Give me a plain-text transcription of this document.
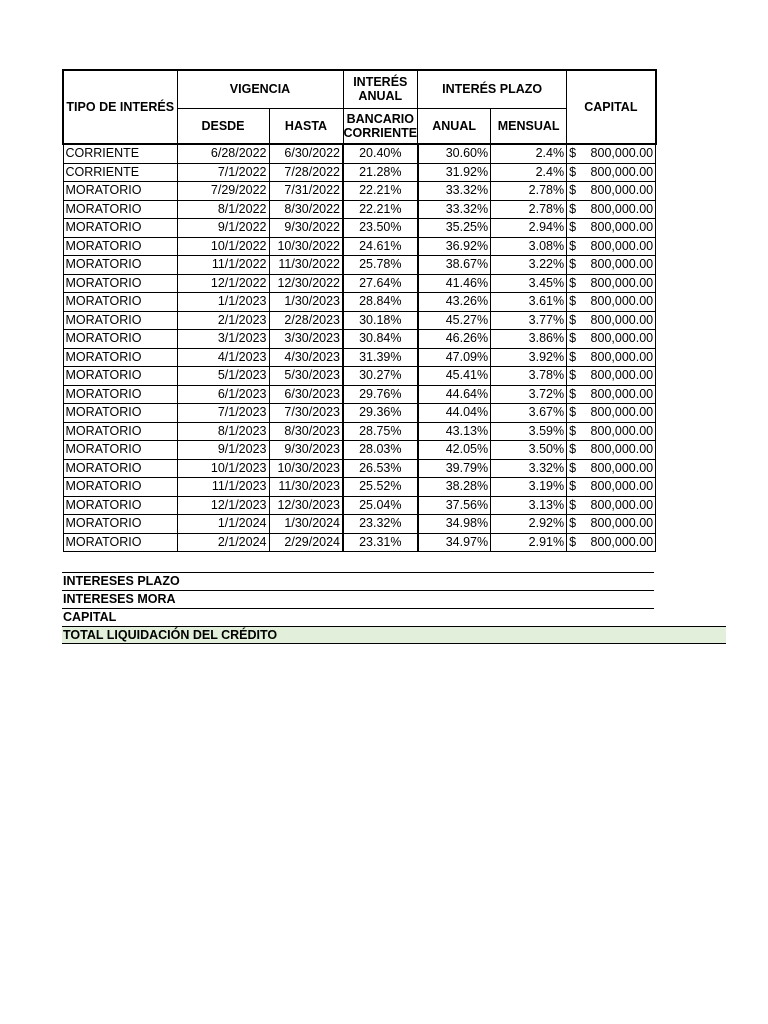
TIPO DE INTERÉS	VIGENCIA		INTERÉS ANUAL	INTERÉS PLAZO		CAPITAL
	DESDE	HASTA	BANCARIO CORRIENTE	ANUAL	MENSUAL	
CORRIENTE	6/28/2022	6/30/2022	20.40%	30.60%	2.4%	$ 800,000.00

CORRIENTE	7/1/2022	7/28/2022	21.28%	31.92%	2.4%	$ 800,000.00

MORATORIO	7/29/2022	7/31/2022	22.21%	33.32%	2.78%	$ 800,000.00

MORATORIO	8/1/2022	8/30/2022	22.21%	33.32%	2.78%	$ 800,000.00

MORATORIO	9/1/2022	9/30/2022	23.50%	35.25%	2.94%	$ 800,000.00

MORATORIO	10/1/2022	10/30/2022	24.61%	36.92%	3.08%	$ 800,000.00

MORATORIO	11/1/2022	11/30/2022	25.78%	38.67%	3.22%	$ 800,000.00

MORATORIO	12/1/2022	12/30/2022	27.64%	41.46%	3.45%	$ 800,000.00

MORATORIO	1/1/2023	1/30/2023	28.84%	43.26%	3.61%	$ 800,000.00

MORATORIO	2/1/2023	2/28/2023	30.18%	45.27%	3.77%	$ 800,000.00

MORATORIO	3/1/2023	3/30/2023	30.84%	46.26%	3.86%	$ 800,000.00

MORATORIO	4/1/2023	4/30/2023	31.39%	47.09%	3.92%	$ 800,000.00

MORATORIO	5/1/2023	5/30/2023	30.27%	45.41%	3.78%	$ 800,000.00

MORATORIO	6/1/2023	6/30/2023	29.76%	44.64%	3.72%	$ 800,000.00

MORATORIO	7/1/2023	7/30/2023	29.36%	44.04%	3.67%	$ 800,000.00

MORATORIO	8/1/2023	8/30/2023	28.75%	43.13%	3.59%	$ 800,000.00

MORATORIO	9/1/2023	9/30/2023	28.03%	42.05%	3.50%	$ 800,000.00

MORATORIO	10/1/2023	10/30/2023	26.53%	39.79%	3.32%	$ 800,000.00

MORATORIO	11/1/2023	11/30/2023	25.52%	38.28%	3.19%	$ 800,000.00

MORATORIO	12/1/2023	12/30/2023	25.04%	37.56%	3.13%	$ 800,000.00

MORATORIO	1/1/2024	1/30/2024	23.32%	34.98%	2.92%	$ 800,000.00

MORATORIO	2/1/2024	2/29/2024	23.31%	34.97%	2.91%	$ 800,000.00
INTERESES PLAZO
INTERESES MORA
CAPITAL
TOTAL LIQUIDACIÓN DEL CRÉDITO
